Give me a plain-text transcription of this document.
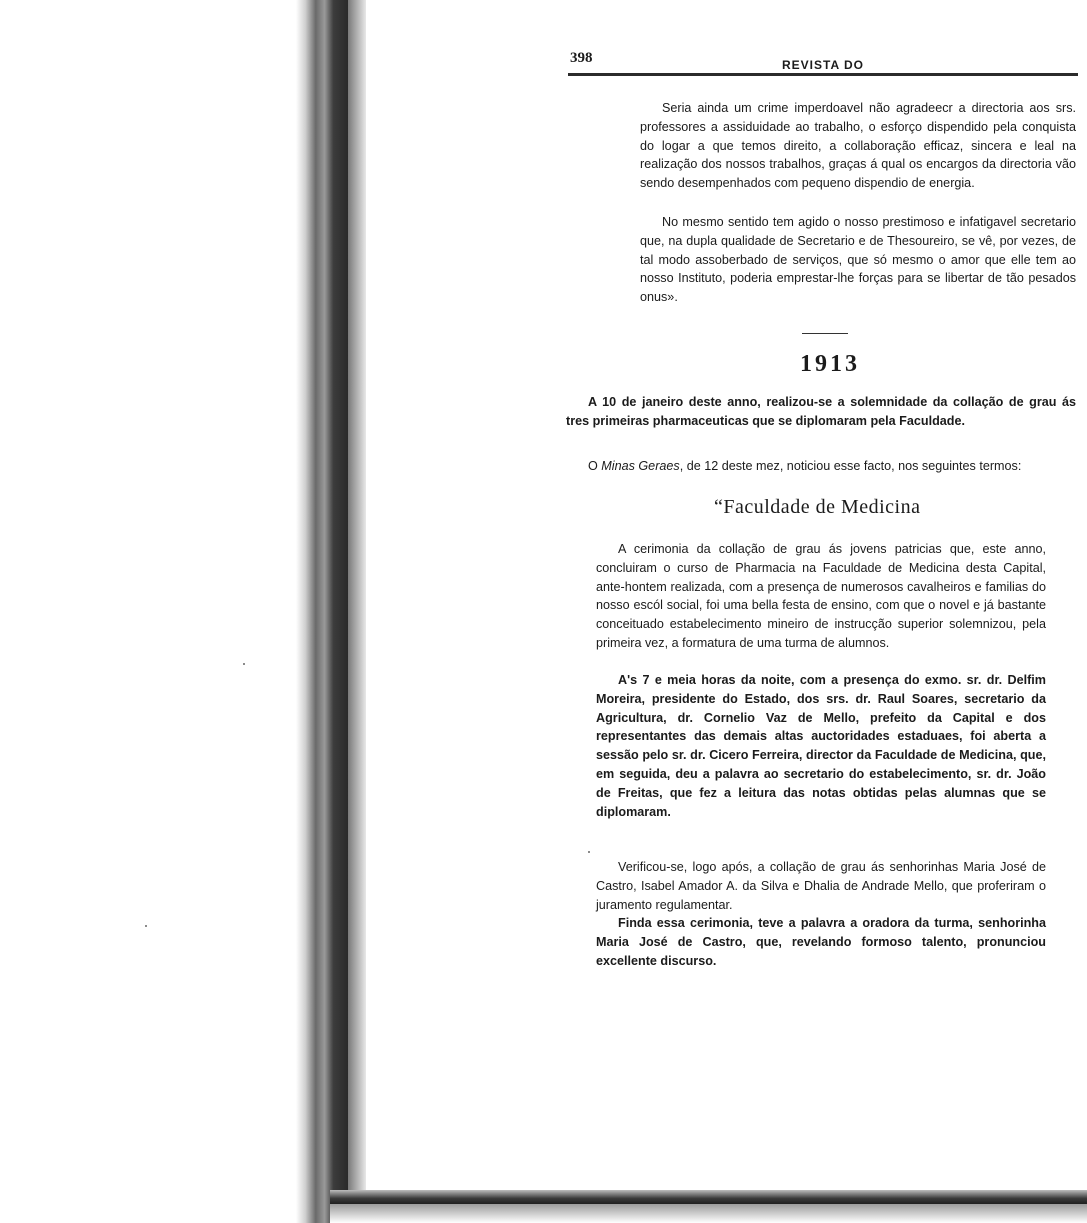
398	REVISTA DO

Seria ainda um crime imperdoavel não agradeecr a directoria aos srs. professores a assiduidade ao trabalho, o esforço dispendido pela conquista do logar a que temos direito, a collaboração efficaz, sincera e leal na realização dos nossos trabalhos, graças á qual os encargos da directoria vão sendo desempenhados com pequeno dispendio de energia.

No mesmo sentido tem agido o nosso prestimoso e infatigavel secretario que, na dupla qualidade de Secretario e de Thesoureiro, se vê, por vezes, de tal modo assoberbado de serviços, que só mesmo o amor que elle tem ao nosso Instituto, poderia emprestar-lhe forças para se libertar de tão pesados onus».

1913

A 10 de janeiro deste anno, realizou-se a solemnidade da collação de grau ás tres primeiras pharmaceuticas que se diplomaram pela Faculdade.

O Minas Geraes, de 12 deste mez, noticiou esse facto, nos seguintes termos:

“Faculdade de Medicina

A cerimonia da collação de grau ás jovens patricias que, este anno, concluiram o curso de Pharmacia na Faculdade de Medicina desta Capital, ante-hontem realizada, com a presença de numerosos cavalheiros e familias do nosso escól social, foi uma bella festa de ensino, com que o novel e já bastante conceituado estabelecimento mineiro de instrucção superior solemnizou, pela primeira vez, a formatura de uma turma de alumnos.

A's 7 e meia horas da noite, com a presença do exmo. sr. dr. Delfim Moreira, presidente do Estado, dos srs. dr. Raul Soares, secretario da Agricultura, dr. Cornelio Vaz de Mello, prefeito da Capital e dos representantes das demais altas auctoridades estaduaes, foi aberta a sessão pelo sr. dr. Cicero Ferreira, director da Faculdade de Medicina, que, em seguida, deu a palavra ao secretario do estabelecimento, sr. dr. João de Freitas, que fez a leitura das notas obtidas pelas alumnas que se diplomaram.

Verificou-se, logo após, a collação de grau ás senhorinhas Maria José de Castro, Isabel Amador A. da Silva e Dhalia de Andrade Mello, que proferiram o juramento regulamentar.

Finda essa cerimonia, teve a palavra a oradora da turma, senhorinha Maria José de Castro, que, revelando formoso talento, pronunciou excellente discurso.
